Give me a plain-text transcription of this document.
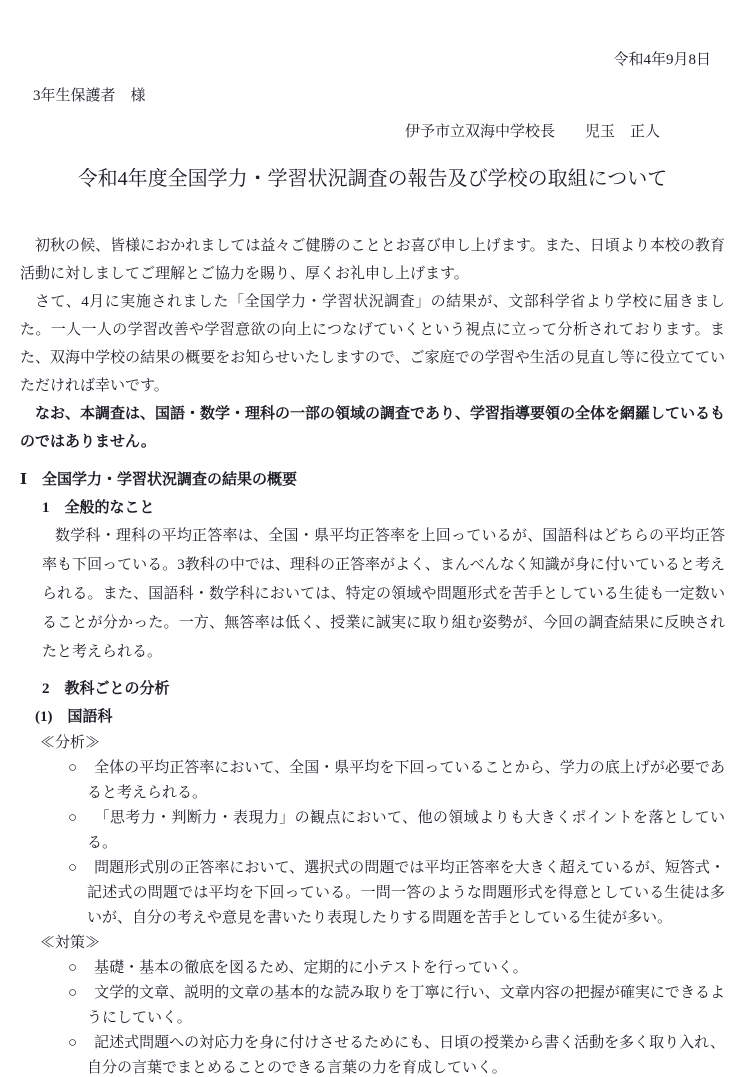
令和4年9月8日
3年生保護者　様
伊予市立双海中学校長　　児玉　正人
令和4年度全国学力・学習状況調査の報告及び学校の取組について
初秋の候、皆様におかれましては益々ご健勝のこととお喜び申し上げます。また、日頃より本校の教育活動に対しましてご理解とご協力を賜り、厚くお礼申し上げます。
さて、4月に実施されました「全国学力・学習状況調査」の結果が、文部科学省より学校に届きました。一人一人の学習改善や学習意欲の向上につなげていくという視点に立って分析されております。また、双海中学校の結果の概要をお知らせいたしますので、ご家庭での学習や生活の見直し等に役立てていただければ幸いです。
なお、本調査は、国語・数学・理科の一部の領域の調査であり、学習指導要領の全体を網羅しているものではありません。
Ⅰ　全国学力・学習状況調査の結果の概要
1　全般的なこと
数学科・理科の平均正答率は、全国・県平均正答率を上回っているが、国語科はどちらの平均正答率も下回っている。3教科の中では、理科の正答率がよく、まんべんなく知識が身に付いていると考えられる。また、国語科・数学科においては、特定の領域や問題形式を苦手としている生徒も一定数いることが分かった。一方、無答率は低く、授業に誠実に取り組む姿勢が、今回の調査結果に反映されたと考えられる。
2　教科ごとの分析
(1)　国語科
≪分析≫
○ 全体の平均正答率において、全国・県平均を下回っていることから、学力の底上げが必要であると考えられる。
○ 「思考力・判断力・表現力」の観点において、他の領域よりも大きくポイントを落としている。
○ 問題形式別の正答率において、選択式の問題では平均正答率を大きく超えているが、短答式・記述式の問題では平均を下回っている。一問一答のような問題形式を得意としている生徒は多いが、自分の考えや意見を書いたり表現したりする問題を苦手としている生徒が多い。
≪対策≫
○ 基礎・基本の徹底を図るため、定期的に小テストを行っていく。
○ 文学的文章、説明的文章の基本的な読み取りを丁寧に行い、文章内容の把握が確実にできるようにしていく。
○ 記述式問題への対応力を身に付けさせるためにも、日頃の授業から書く活動を多く取り入れ、自分の言葉でまとめることのできる言葉の力を育成していく。
